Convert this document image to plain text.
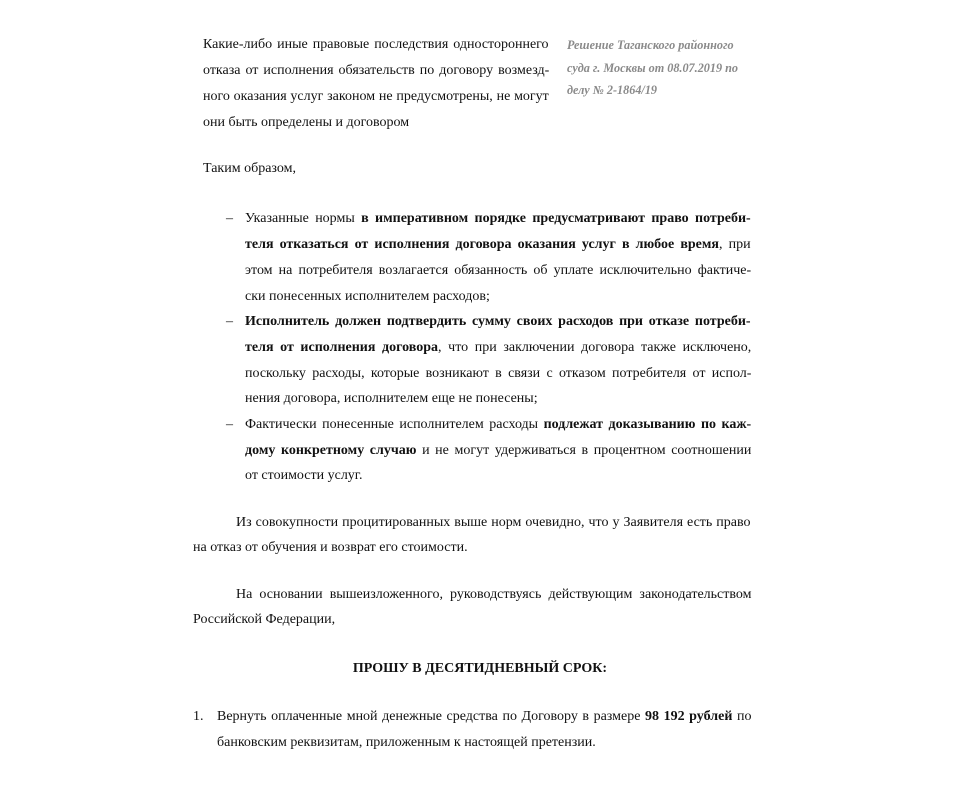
Решение Таганского районного суда г. Москвы от 08.07.2019 по делу № 2-1864/19
Таким образом,
ПРОШУ В ДЕСЯТИДНЕВНЫЙ СРОК:
1.
Какие-либо иные правовые последствия одностороннего
отказа от исполнения обязательств по договору возмезд-
ного оказания услуг законом не предусмотрены, не могут
они быть определены и договором
– Указанные нормы в императивном порядке предусматривают право потреби-
теля отказаться от исполнения договора оказания услуг в любое время, при
этом на потребителя возлагается обязанность об уплате исключительно фактиче-
ски понесенных исполнителем расходов;
– Исполнитель должен подтвердить сумму своих расходов при отказе потреби-
теля от исполнения договора, что при заключении договора также исключено,
поскольку расходы, которые возникают в связи с отказом потребителя от испол-
нения договора, исполнителем еще не понесены;
– Фактически понесенные исполнителем расходы подлежат доказыванию по каж-
дому конкретному случаю и не могут удерживаться в процентном соотношении
от стоимости услуг.
Из совокупности процитированных выше норм очевидно, что у Заявителя есть право
на отказ от обучения и возврат его стоимости.
На основании вышеизложенного, руководствуясь действующим законодательством
Российской Федерации,
Вернуть оплаченные мной денежные средства по Договору в размере 98 192 рублей по
банковским реквизитам, приложенным к настоящей претензии.
